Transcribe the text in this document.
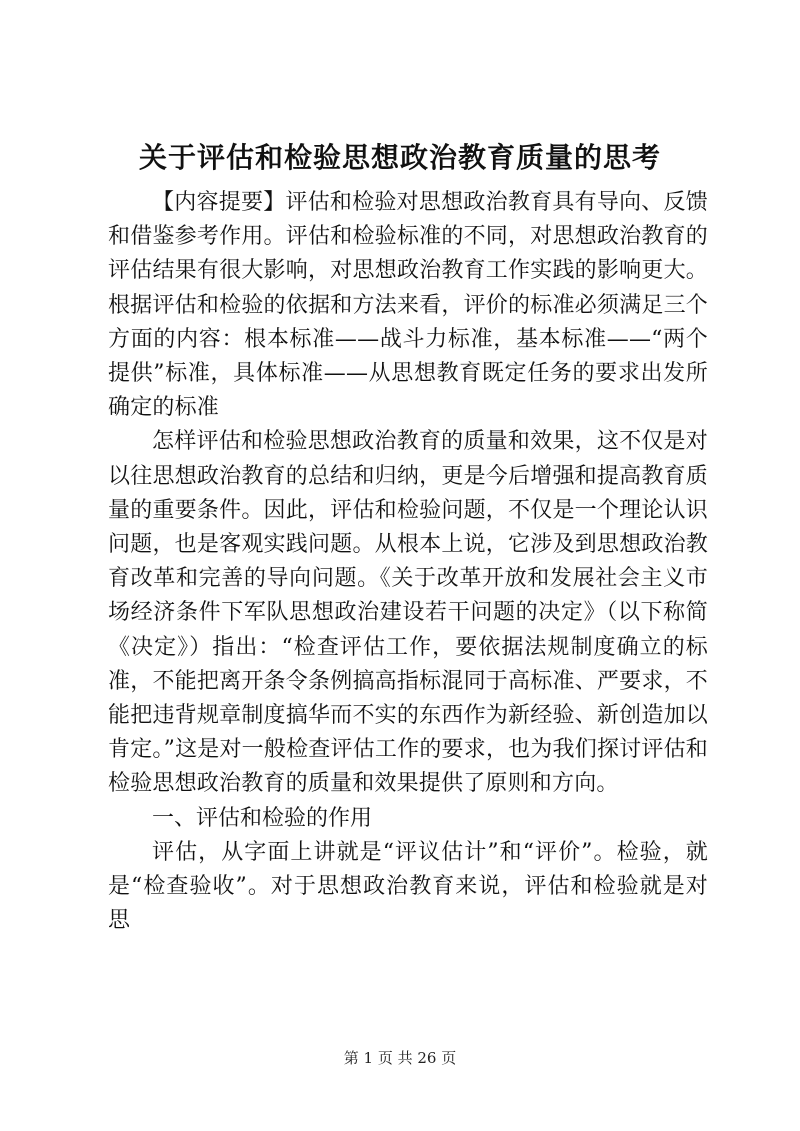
关于评估和检验思想政治教育质量的思考

【内容提要】评估和检验对思想政治教育具有导向、反馈和借鉴参考作用。评估和检验标准的不同，对思想政治教育的评估结果有很大影响，对思想政治教育工作实践的影响更大。根据评估和检验的依据和方法来看，评价的标准必须满足三个方面的内容：根本标准——战斗力标准，基本标准——“两个提供”标准，具体标准——从思想教育既定任务的要求出发所确定的标准

怎样评估和检验思想政治教育的质量和效果，这不仅是对以往思想政治教育的总结和归纳，更是今后增强和提高教育质量的重要条件。因此，评估和检验问题，不仅是一个理论认识问题，也是客观实践问题。从根本上说，它涉及到思想政治教育改革和完善的导向问题。《关于改革开放和发展社会主义市场经济条件下军队思想政治建设若干问题的决定》（以下称简《决定》）指出：“检查评估工作，要依据法规制度确立的标准，不能把离开条令条例搞高指标混同于高标准、严要求，不能把违背规章制度搞华而不实的东西作为新经验、新创造加以肯定。”这是对一般检查评估工作的要求，也为我们探讨评估和检验思想政治教育的质量和效果提供了原则和方向。

一、评估和检验的作用

评估，从字面上讲就是“评议估计”和“评价”。检验，就是“检查验收”。对于思想政治教育来说，评估和检验就是对思

第 1 页 共 26 页
